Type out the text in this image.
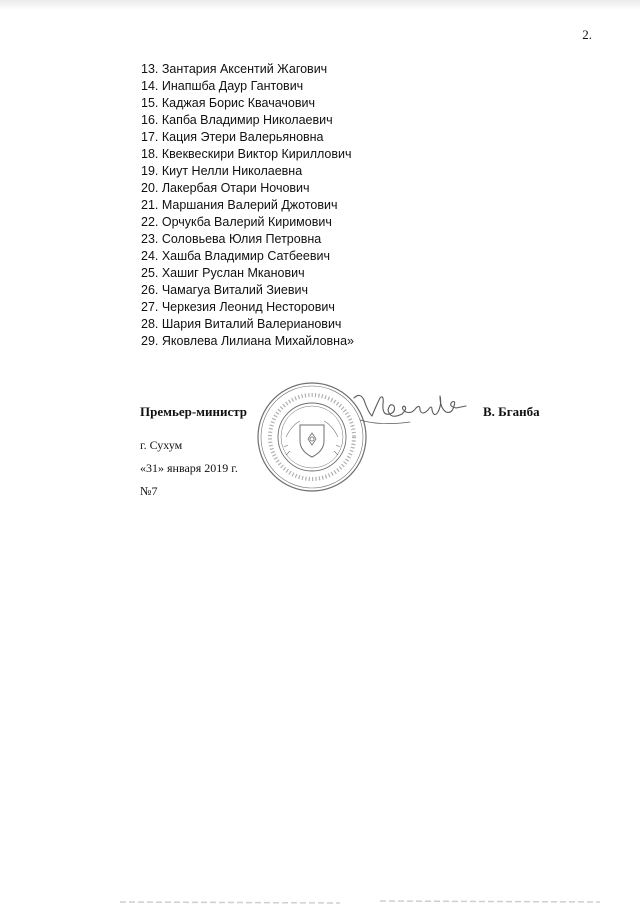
2.
13. Зантария Аксентий Жагович
14. Инапшба Даур Гантович
15. Каджая Борис Квачачович
16. Капба Владимир Николаевич
17. Кация Этери Валерьяновна
18. Квеквескири Виктор Кириллович
19. Киут Нелли Николаевна
20. Лакербая Отари Ночович
21. Маршания Валерий Джотович
22. Орчукба Валерий Киримович
23. Соловьева Юлия Петровна
24. Хашба Владимир Сатбеевич
25. Хашиг Руслан Мканович
26. Чамагуа Виталий Зиевич
27. Черкезия Леонид Несторович
28. Шария Виталий Валерианович
29. Яковлева Лилиана Михайловна»
Премьер-министр	В. Бганба
г. Сухум
«31» января 2019 г.
№7
